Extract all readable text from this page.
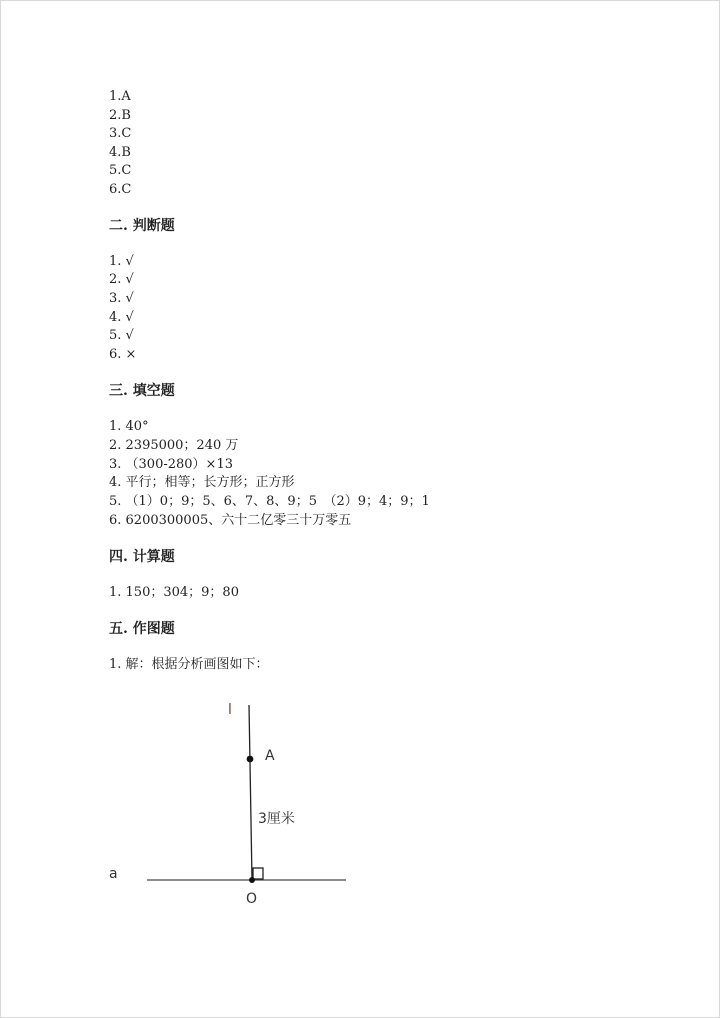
1.A
2.B
3.C
4.B
5.C
6.C
二. 判断题
1. √
2. √
3. √
4. √
5. √
6. ×
三. 填空题
1. 40°
2. 2395000；240 万
3. （300-280）×13
4. 平行；相等；长方形；正方形
5. （1）0；9；5、6、7、8、9；5　（2）9；4；9；1
6. 6200300005、六十二亿零三十万零五
四. 计算题
1. 150；304；9；80
五. 作图题
1. 解：根据分析画图如下：
l
A
3厘米
a
O
